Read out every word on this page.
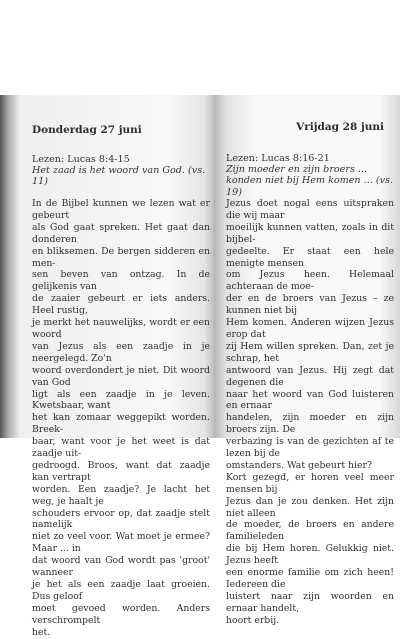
Donderdag 27 juni
Lezen: Lucas 8:4-15
Het zaad is het woord van God. (vs. 11)

In de Bijbel kunnen we lezen wat er gebeurt
als God gaat spreken. Het gaat dan donderen
en bliksemen. De bergen sidderen en men-
sen beven van ontzag. In de gelijkenis van
de zaaier gebeurt er iets anders. Heel rustig,
je merkt het nauwelijks, wordt er een woord
van Jezus als een zaadje in je neergelegd. Zo'n
woord overdondert je niet. Dit woord van God
ligt als een zaadje in je leven. Kwetsbaar, want
het kan zomaar weggepikt worden. Breek-
baar, want voor je het weet is dat zaadje uit-
gedroogd. Broos, want dat zaadje kan vertrapt
worden. Een zaadje? Je lacht het weg, je haalt je
schouders ervoor op, dat zaadje stelt namelijk
niet zo veel voor. Wat moet je ermee? Maar ... in
dat woord van God wordt pas 'groot' wanneer
je het als een zaadje laat groeien. Dus geloof
moet gevoed worden. Anders verschrompelt
het.

Vrijdag 28 juni
Lezen: Lucas 8:16-21
Zijn moeder en zijn broers ... konden niet bij Hem komen ... (vs. 19)

Jezus doet nogal eens uitspraken die wij maar
moeilijk kunnen vatten, zoals in dit bijbel-
gedeelte. Er staat een hele menigte mensen
om Jezus heen. Helemaal achteraan de moe-
der en de broers van Jezus – ze kunnen niet bij
Hem komen. Anderen wijzen Jezus erop dat
zij Hem willen spreken. Dan, zet je schrap, het
antwoord van Jezus. Hij zegt dat degenen die
naar het woord van God luisteren en ernaar
handelen, zijn moeder en zijn broers zijn. De
verbazing is van de gezichten af te lezen bij de
omstanders. Wat gebeurt hier?
Kort gezegd, er horen veel meer mensen bij
Jezus dan je zou denken. Het zijn niet alleen
de moeder, de broers en andere familieleden
die bij Hem horen. Gelukkig niet. Jezus heeft
een enorme familie om zich heen! Iedereen die
luistert naar zijn woorden en ernaar handelt,
hoort erbij.
